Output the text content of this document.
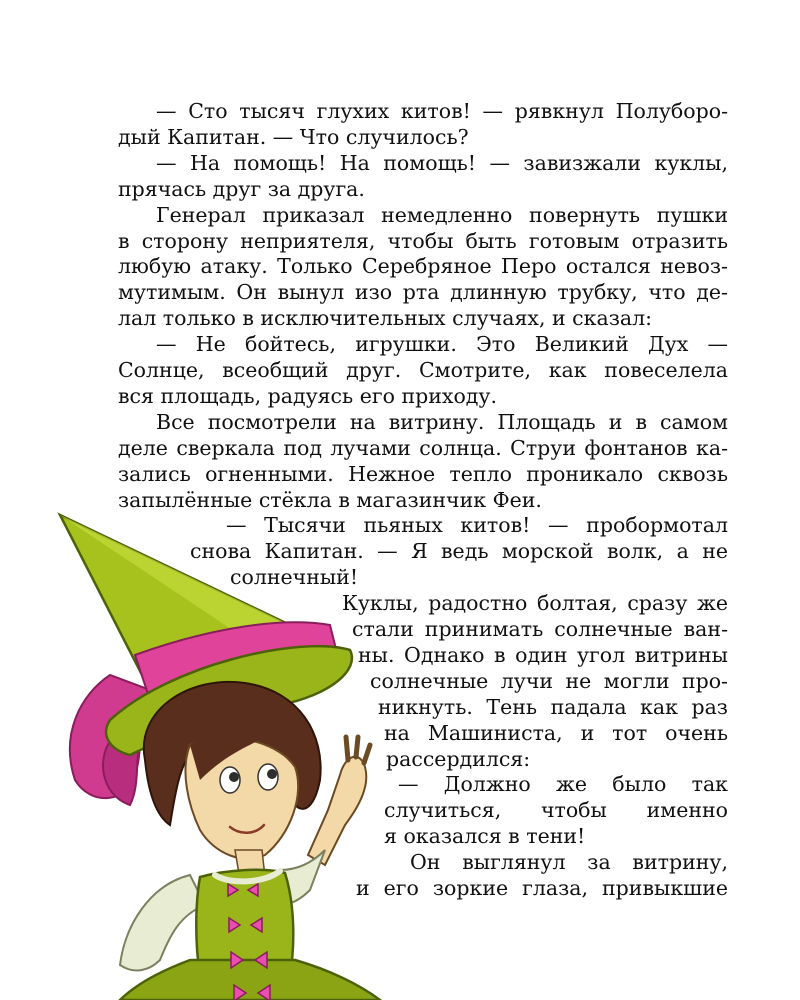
— Сто тысяч глухих китов! — рявкнул Полуборо-
дый Капитан. — Что случилось?
— На помощь! На помощь! — завизжали куклы,
прячась друг за друга.
Генерал приказал немедленно повернуть пушки
в сторону неприятеля, чтобы быть готовым отразить
любую атаку. Только Серебряное Перо остался невоз-
мутимым. Он вынул изо рта длинную трубку, что де-
лал только в исключительных случаях, и сказал:
— Не бойтесь, игрушки. Это Великий Дух —
Солнце, всеобщий друг. Смотрите, как повеселела
вся площадь, радуясь его приходу.
Все посмотрели на витрину. Площадь и в самом
деле сверкала под лучами солнца. Струи фонтанов ка-
зались огненными. Нежное тепло проникало сквозь
запылённые стёкла в магазинчик Феи.
— Тысячи пьяных китов! — пробормотал
снова Капитан. — Я ведь морской волк, а не
солнечный!
Куклы, радостно болтая, сразу же
стали принимать солнечные ван-
ны. Однако в один угол витрины
солнечные лучи не могли про-
никнуть. Тень падала как раз
на Машиниста, и тот очень
рассердился:
— Должно же было так
случиться, чтобы именно
я оказался в тени!
Он выглянул за витрину,
и его зоркие глаза, привыкшие
